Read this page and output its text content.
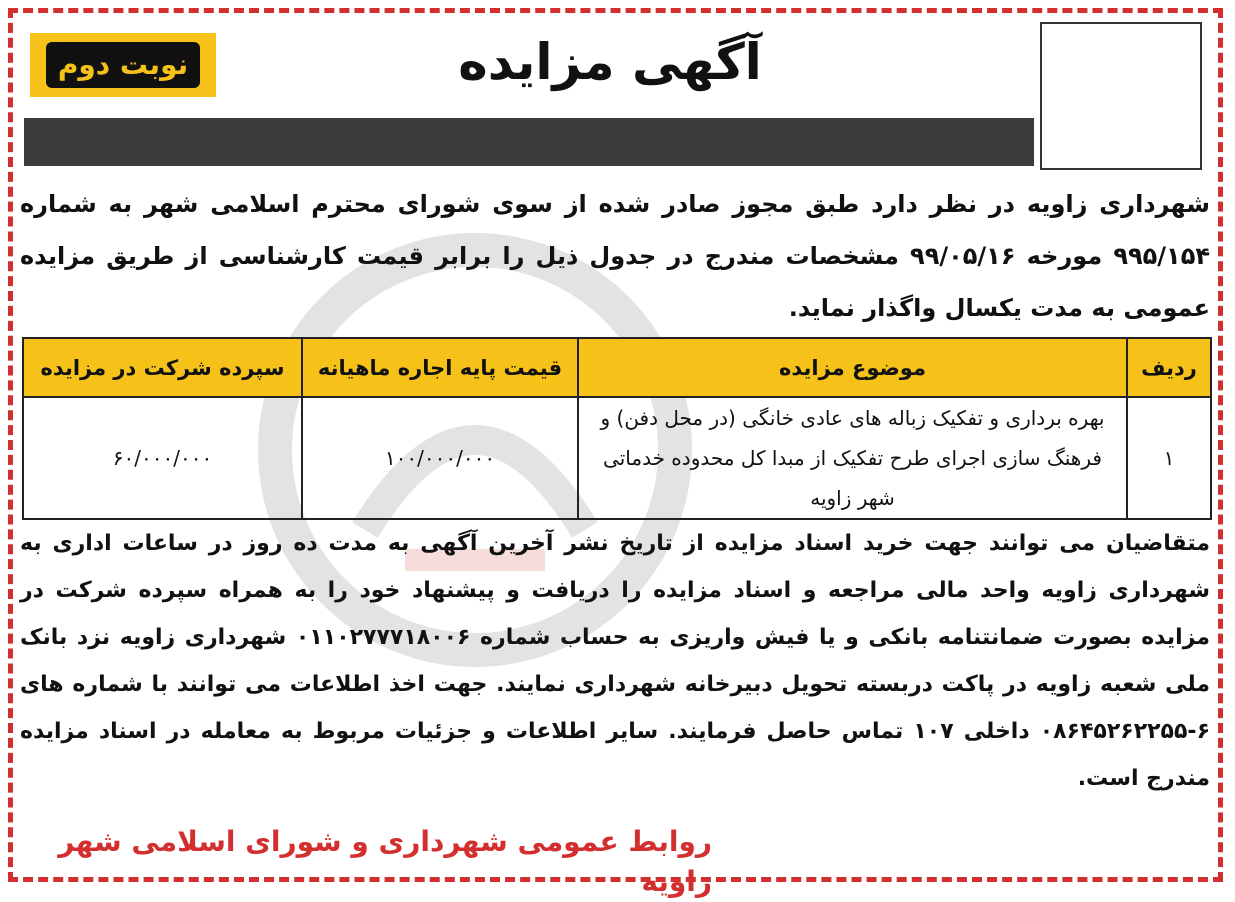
آگهی مزایده
نوبت دوم
شهرداری زاویه در نظر دارد طبق مجوز صادر شده از سوی شورای محترم اسلامی شهر به شماره ۹۹۵/۱۵۴ مورخه ۹۹/۰۵/۱۶ مشخصات مندرج در جدول ذیل را برابر قیمت کارشناسی از طریق مزایده عمومی به مدت یکسال واگذار نماید.
ردیف	موضوع مزایده	قیمت پایه اجاره ماهیانه	سپرده شرکت در مزایده
۱	بهره برداری و تفکیک زباله های عادی خانگی (در محل دفن) و فرهنگ سازی اجرای طرح تفکیک از مبدا کل محدوده خدماتی شهر زاویه	۱۰۰/۰۰۰/۰۰۰	۶۰/۰۰۰/۰۰۰
متقاضیان می توانند جهت خرید اسناد مزایده از تاریخ نشر آخرین آگهی به مدت ده روز در ساعات اداری به شهرداری زاویه واحد مالی مراجعه و اسناد مزایده را دریافت و پیشنهاد خود را به همراه سپرده شرکت در مزایده بصورت ضمانتنامه بانکی و یا فیش واریزی به حساب شماره ۰۱۱۰۲۷۷۷۱۸۰۰۶ شهرداری زاویه نزد بانک ملی شعبه زاویه در پاکت دربسته تحویل دبیرخانه شهرداری نمایند. جهت اخذ اطلاعات می توانند با شماره های ۶-۰۸۶۴۵۲۶۲۲۵۵ داخلی ۱۰۷ تماس حاصل فرمایند. سایر اطلاعات و جزئیات مربوط به معامله در اسناد مزایده مندرج است.
روابط عمومی شهرداری و شورای اسلامی شهر زاویه
